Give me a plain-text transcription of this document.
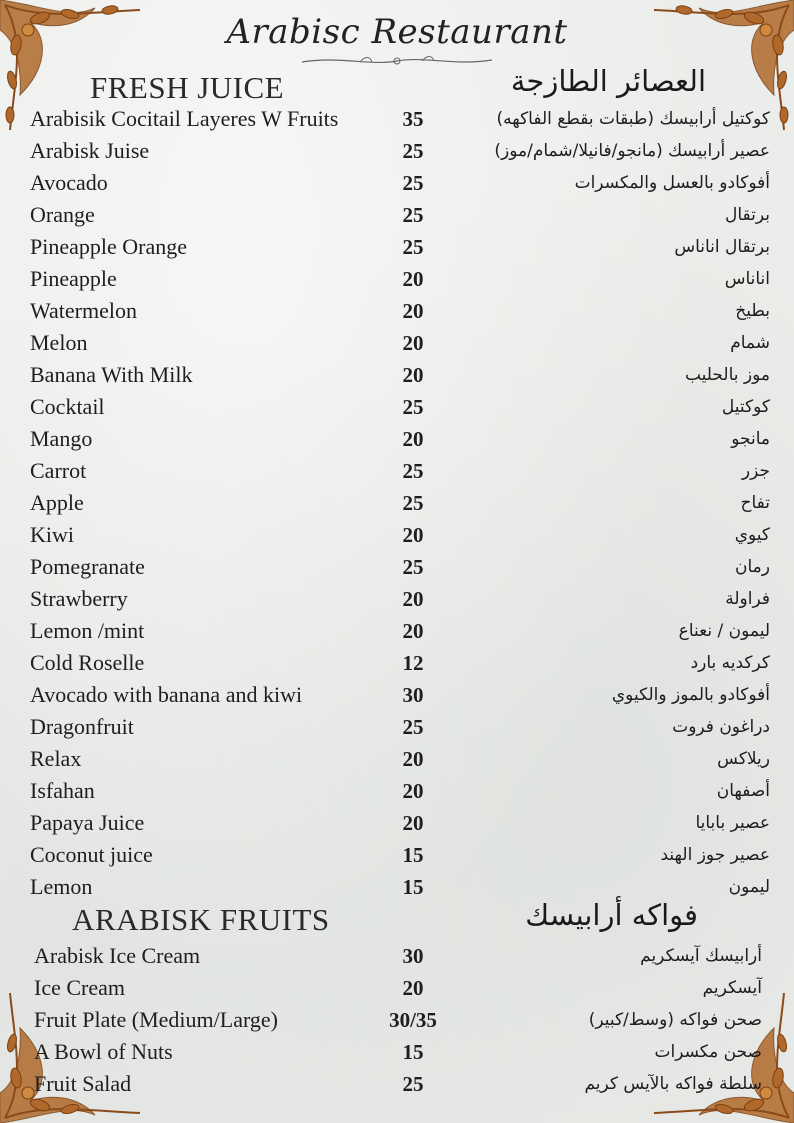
Arabisc Restaurant
FRESH JUICE	العصائر الطازجة
Arabisik Cocitail Layeres W Fruits	35	كوكتيل أرابيسك (طبقات بقطع الفاكهه)
Arabisk Juise	25	عصير أرابيسك (مانجو/فانيلا/شمام/موز)
Avocado	25	أفوكادو بالعسل والمكسرات
Orange	25	برتقال
Pineapple Orange	25	برتقال اناناس
Pineapple	20	اناناس
Watermelon	20	بطيخ
Melon	20	شمام
Banana With Milk	20	موز بالحليب
Cocktail	25	كوكتيل
Mango	20	مانجو
Carrot	25	جزر
Apple	25	تفاح
Kiwi	20	كيوي
Pomegranate	25	رمان
Strawberry	20	فراولة
Lemon /mint	20	ليمون / نعناع
Cold Roselle	12	كركديه بارد
Avocado with banana and kiwi	30	أفوكادو بالموز والكيوي
Dragonfruit	25	دراغون فروت
Relax	20	ريلاكس
Isfahan	20	أصفهان
Papaya Juice	20	عصير بابايا
Coconut juice	15	عصير جوز الهند
Lemon	15	ليمون
ARABISK FRUITS	فواكه أرابيسك
Arabisk Ice Cream	30	أرابيسك آيسكريم
Ice Cream	20	آيسكريم
Fruit Plate (Medium/Large)	30/35	صحن فواكه (وسط/كبير)
A Bowl of Nuts	15	صحن مكسرات
Fruit Salad	25	سلطة فواكه بالآيس كريم
